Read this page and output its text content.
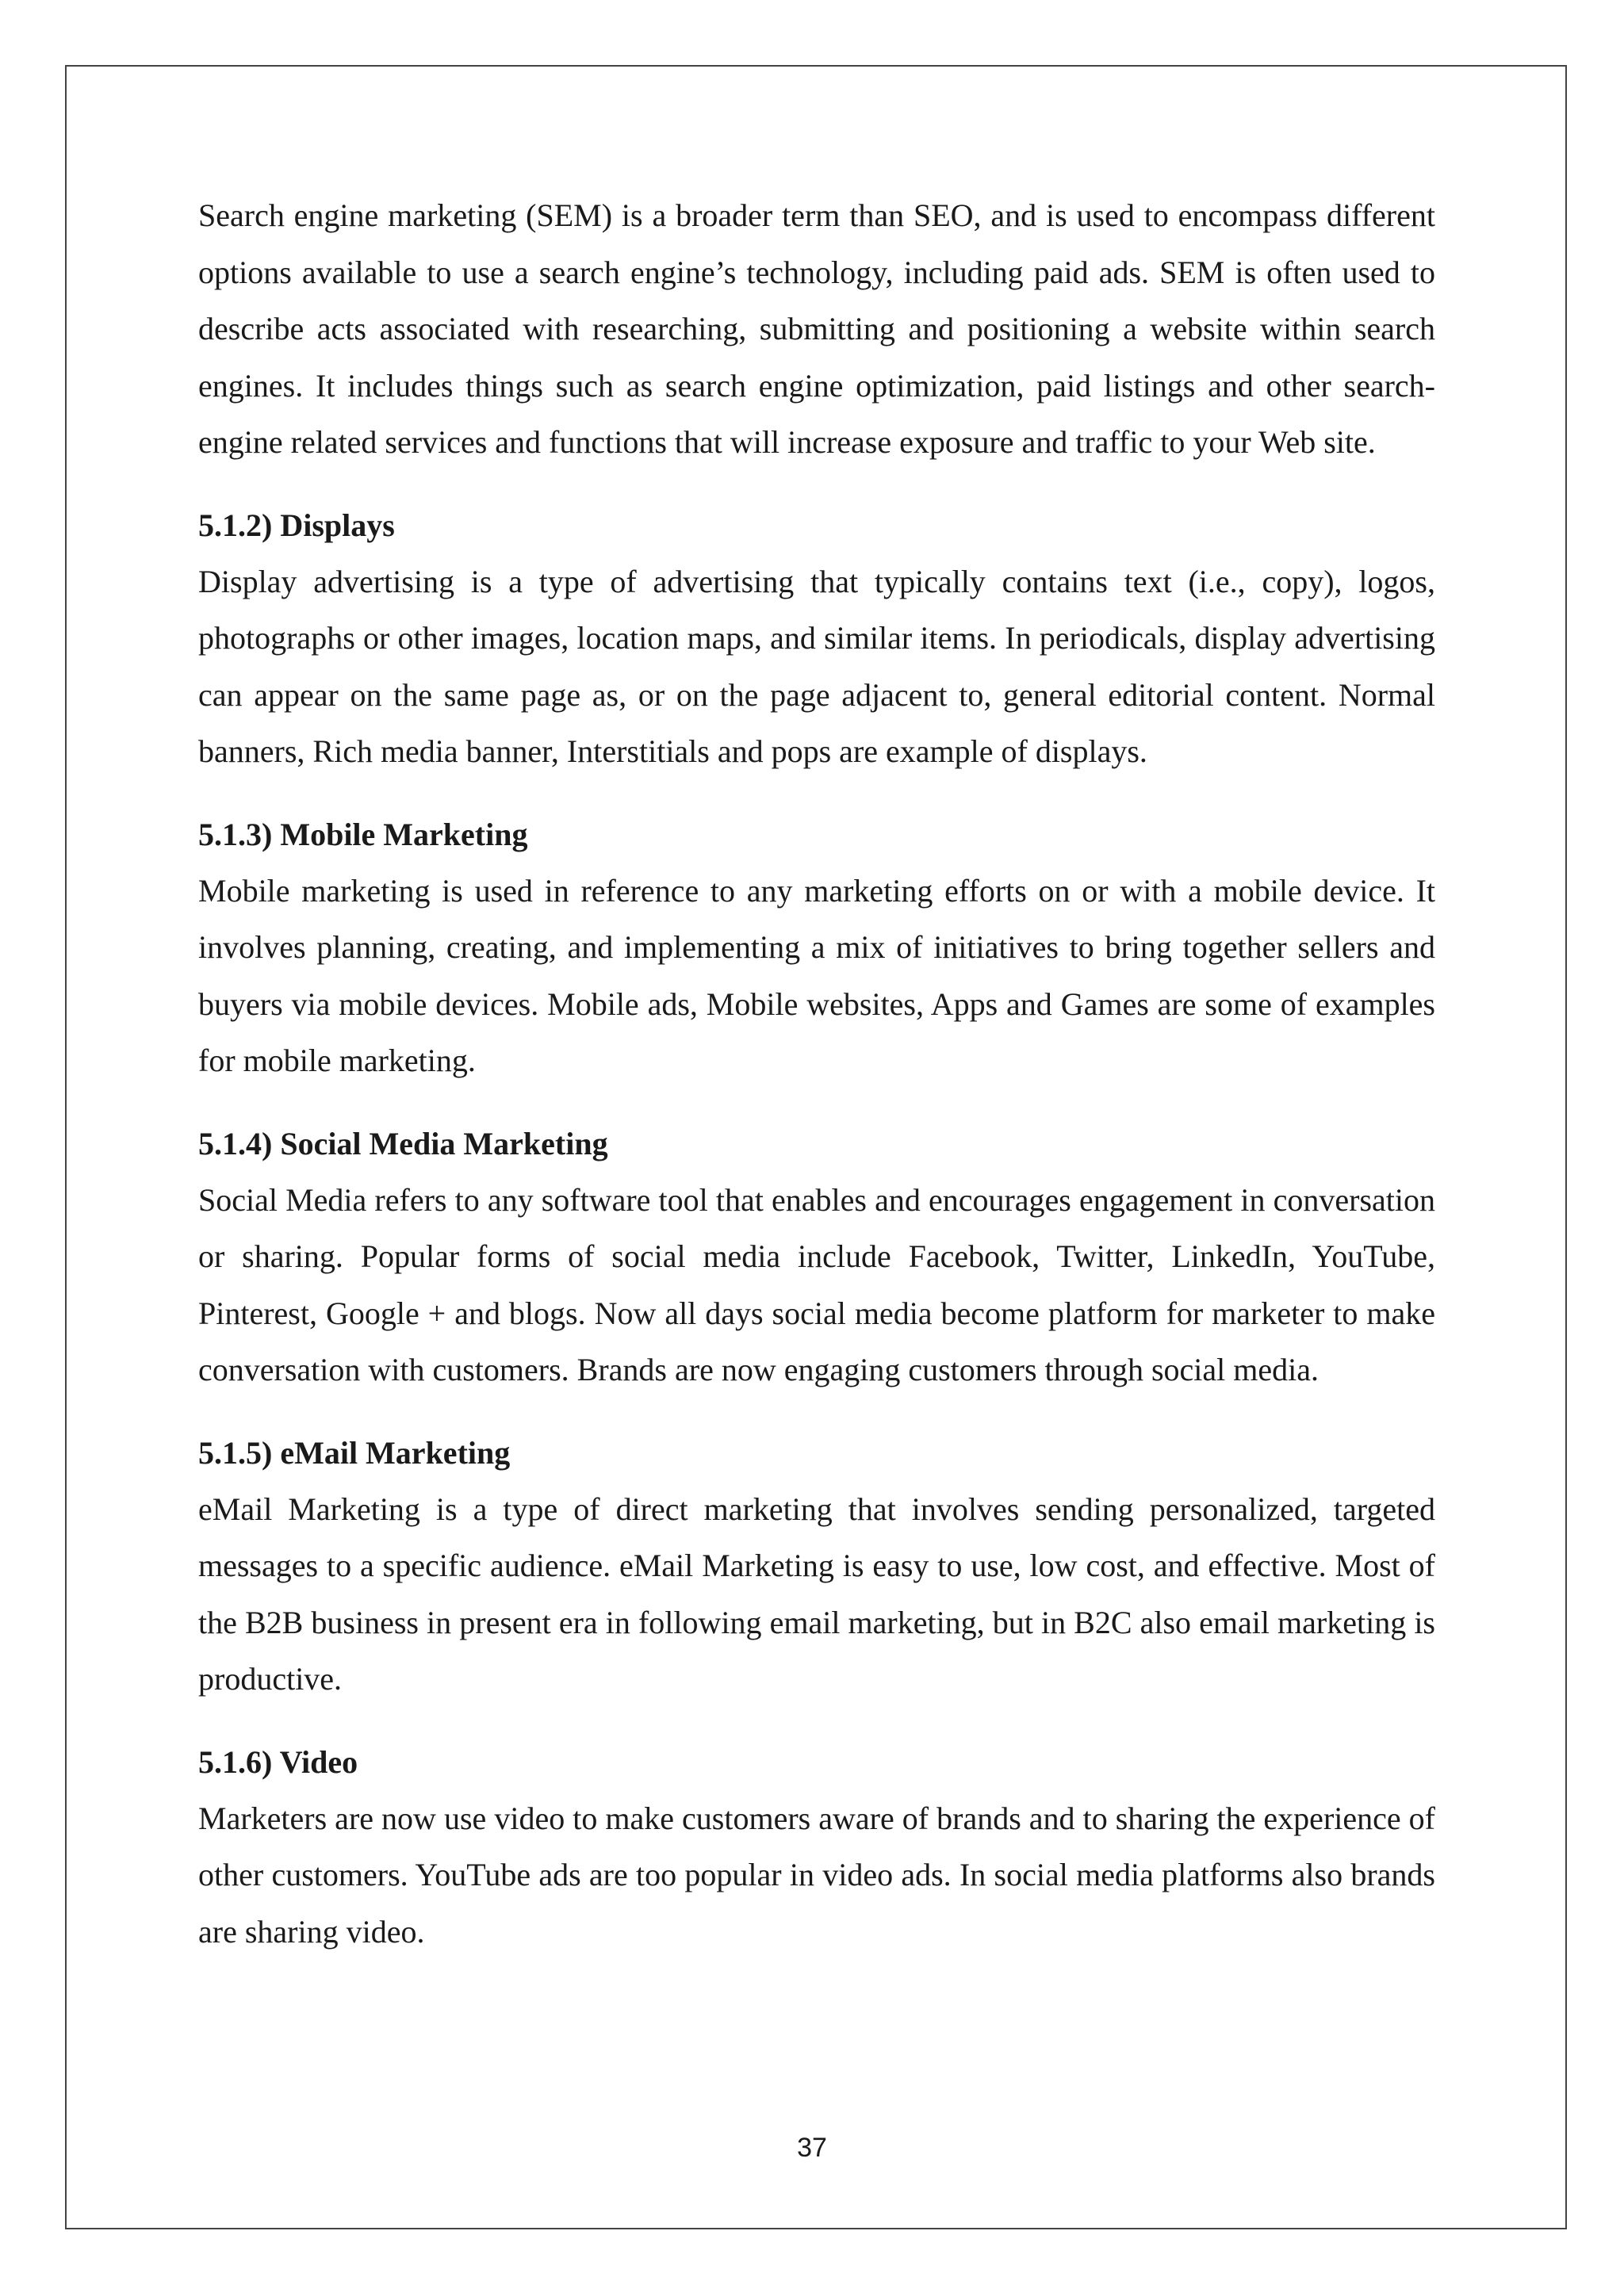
Search engine marketing (SEM) is a broader term than SEO, and is used to encompass different options available to use a search engine’s technology, including paid ads. SEM is often used to describe acts associated with researching, submitting and positioning a website within search engines. It includes things such as search engine optimization, paid listings and other search-engine related services and functions that will increase exposure and traffic to your Web site.

5.1.2) Displays

Display advertising is a type of advertising that typically contains text (i.e., copy), logos, photographs or other images, location maps, and similar items. In periodicals, display advertising can appear on the same page as, or on the page adjacent to, general editorial content. Normal banners, Rich media banner, Interstitials and pops are example of displays.

5.1.3) Mobile Marketing

Mobile marketing is used in reference to any marketing efforts on or with a mobile device. It involves planning, creating, and implementing a mix of initiatives to bring together sellers and buyers via mobile devices. Mobile ads, Mobile websites, Apps and Games are some of examples for mobile marketing.

5.1.4) Social Media Marketing

Social Media refers to any software tool that enables and encourages engagement in conversation or sharing. Popular forms of social media include Facebook, Twitter, LinkedIn, YouTube, Pinterest, Google + and blogs. Now all days social media become platform for marketer to make conversation with customers. Brands are now engaging customers through social media.

5.1.5) eMail Marketing

eMail Marketing is a type of direct marketing that involves sending personalized, targeted messages to a specific audience. eMail Marketing is easy to use, low cost, and effective. Most of the B2B business in present era in following email marketing, but in B2C also email marketing is productive.

5.1.6) Video

Marketers are now use video to make customers aware of brands and to sharing the experience of other customers. YouTube ads are too popular in video ads. In social media platforms also brands are sharing video.

37
